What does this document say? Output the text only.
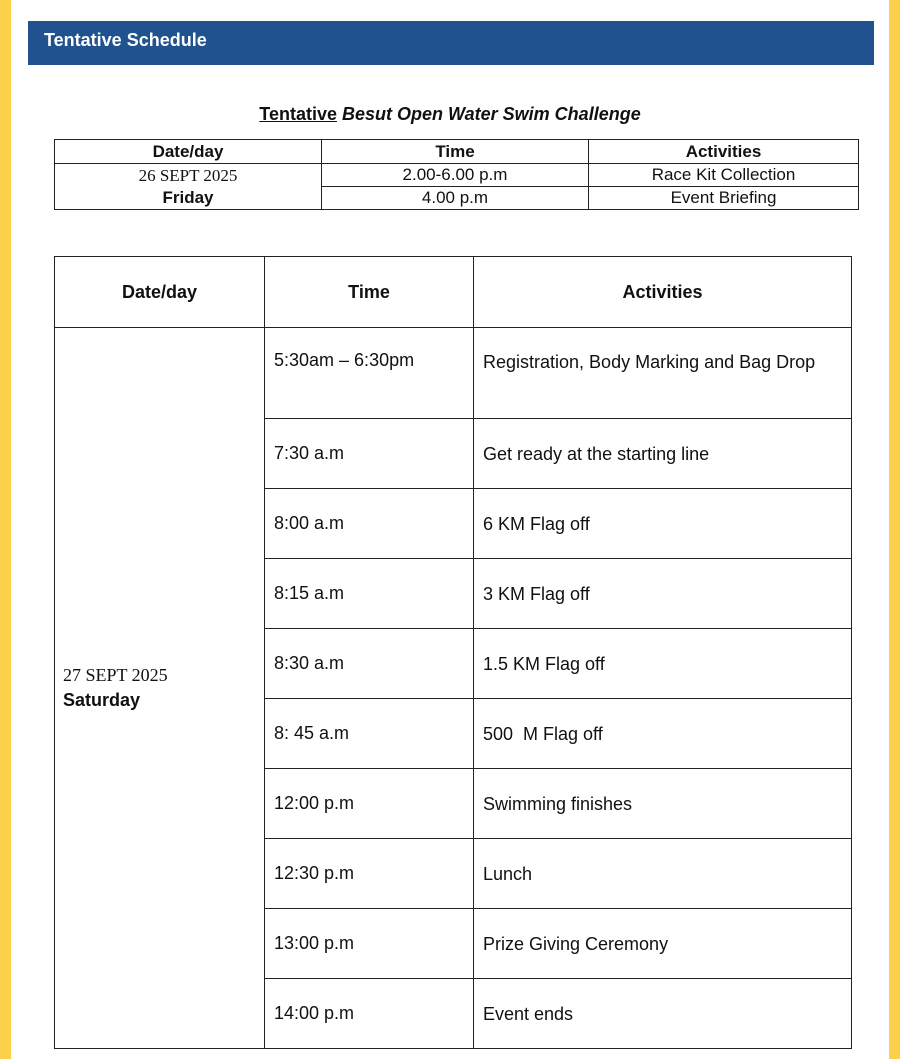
Tentative Schedule
Tentative Besut Open Water Swim Challenge
Date/day	Time	Activities

26 SEPT 2025
Friday	2.00-6.00 p.m	Race Kit Collection
	4.00 p.m	Event Briefing
Date/day	Time	Activities

27 SEPT 2025
Saturday	5:30am – 6:30pm	Registration, Body Marking and Bag Drop
	7:30 a.m	Get ready at the starting line
	8:00 a.m	6 KM Flag off
	8:15 a.m	3 KM Flag off
	8:30 a.m	1.5 KM Flag off
	8: 45 a.m	500  M Flag off
	12:00 p.m	Swimming finishes
	12:30 p.m	Lunch
	13:00 p.m	Prize Giving Ceremony
	14:00 p.m	Event ends
